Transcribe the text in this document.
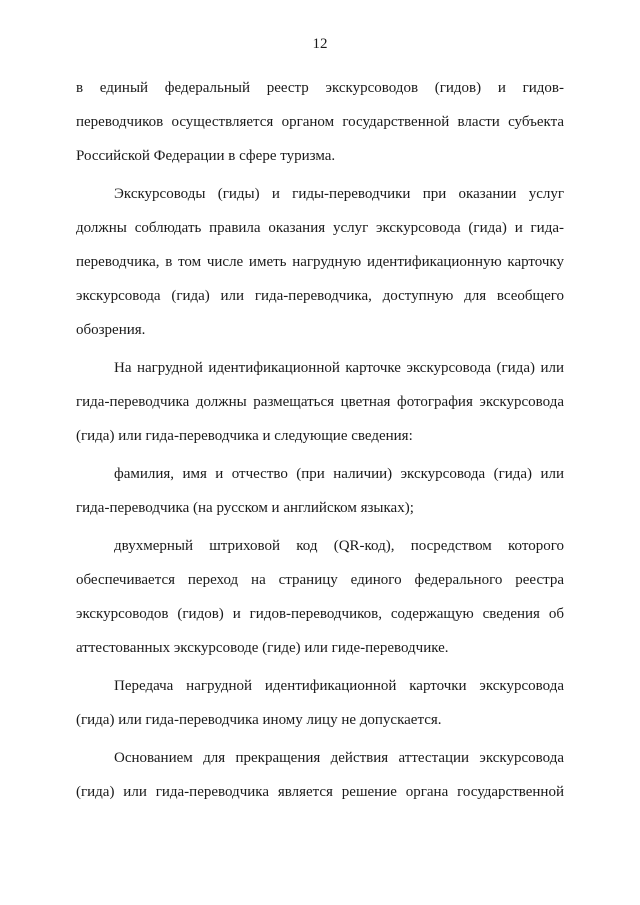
12
в единый федеральный реестр экскурсоводов (гидов) и гидов-
переводчиков осуществляется органом государственной власти субъекта
Российской Федерации в сфере туризма.
Экскурсоводы (гиды) и гиды-переводчики при оказании услуг
должны соблюдать правила оказания услуг экскурсовода (гида) и гида-
переводчика, в том числе иметь нагрудную идентификационную карточку
экскурсовода (гида) или гида-переводчика, доступную для всеобщего
обозрения.
На нагрудной идентификационной карточке экскурсовода (гида) или
гида-переводчика должны размещаться цветная фотография экскурсовода
(гида) или гида-переводчика и следующие сведения:
фамилия, имя и отчество (при наличии) экскурсовода (гида) или
гида-переводчика (на русском и английском языках);
двухмерный штриховой код (QR-код), посредством которого
обеспечивается переход на страницу единого федерального реестра
экскурсоводов (гидов) и гидов-переводчиков, содержащую сведения об
аттестованных экскурсоводе (гиде) или гиде-переводчике.
Передача нагрудной идентификационной карточки экскурсовода
(гида) или гида-переводчика иному лицу не допускается.
Основанием для прекращения действия аттестации экскурсовода
(гида) или гида-переводчика является решение органа государственной
